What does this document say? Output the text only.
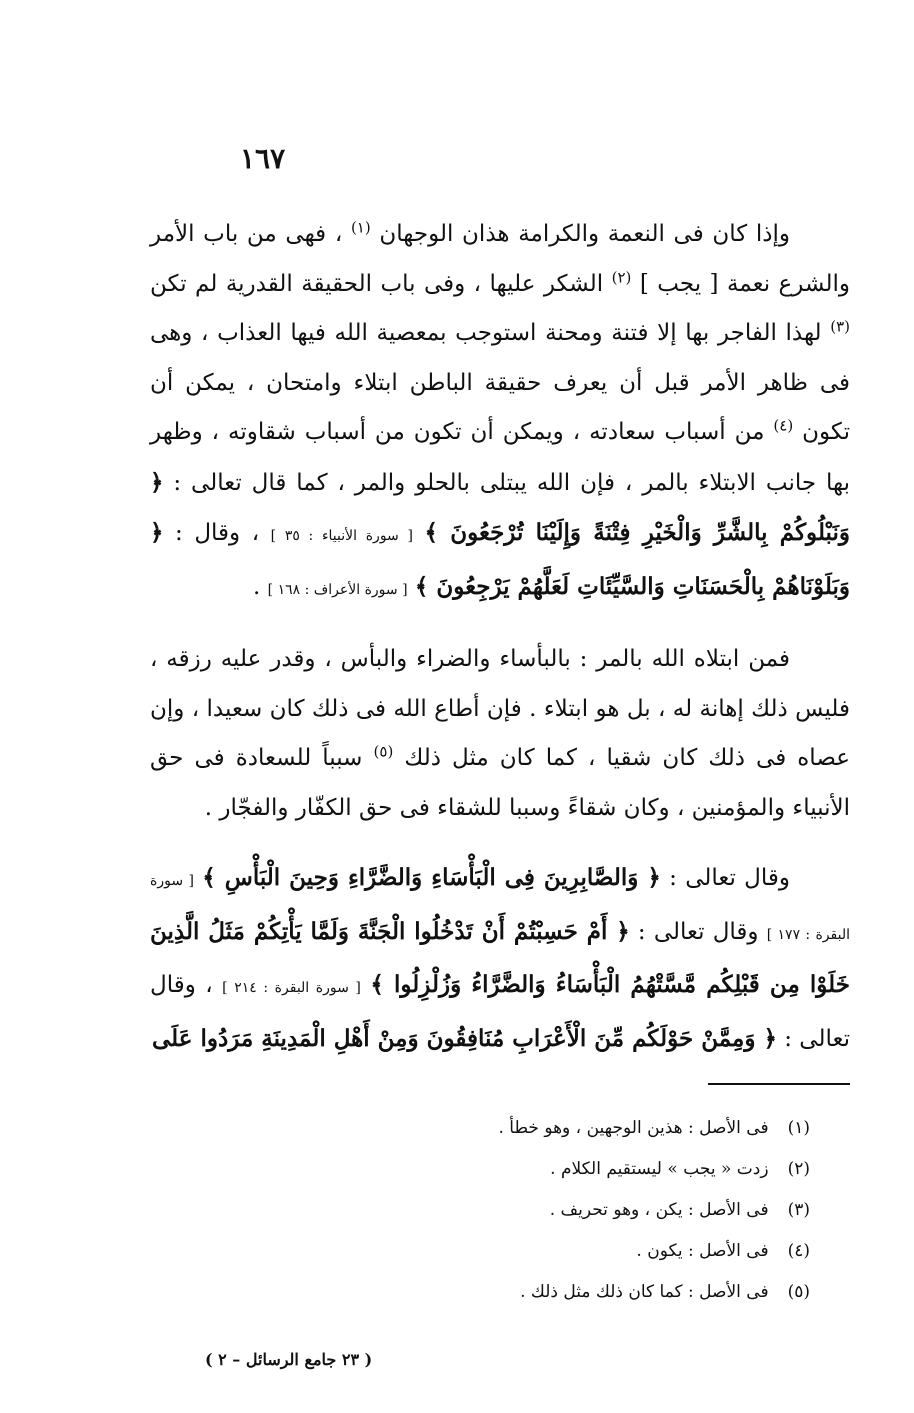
١٦٧

وإذا كان فى النعمة والكرامة هذان الوجهان $^{(١)}$ ، فهى من باب الأمر والشرع نعمة [ يجب ] $^{(٢)}$ الشكر عليها ، وفى باب الحقيقة القدرية لم تكن $^{(٣)}$ لهذا الفاجر بها إلا فتنة ومحنة استوجب بمعصية الله فيها العذاب ، وهى فى ظاهر الأمر قبل أن يعرف حقيقة الباطن ابتلاء وامتحان ، يمكن أن تكون $^{(٤)}$ من أسباب سعادته ، ويمكن أن تكون من أسباب شقاوته ، وظهر بها جانب الابتلاء بالمر ، فإن الله يبتلى بالحلو والمر ، كما قال تعالى : ﴿ وَنَبْلُوكُمْ بِالشَّرِّ وَالْخَيْرِ فِتْنَةً وَإِلَيْنَا تُرْجَعُونَ ﴾ [ سورة الأنبياء : ٣٥ ] ، وقال : ﴿ وَبَلَوْنَاهُمْ بِالْحَسَنَاتِ وَالسَّيِّئَاتِ لَعَلَّهُمْ يَرْجِعُونَ ﴾ [ سورة الأعراف : ١٦٨ ] .

فمن ابتلاه الله بالمر : بالبأساء والضراء والبأس ، وقدر عليه رزقه ، فليس ذلك إهانة له ، بل هو ابتلاء . فإن أطاع الله فى ذلك كان سعيدا ، وإن عصاه فى ذلك كان شقيا ، كما كان مثل ذلك $^{(٥)}$ سبباً للسعادة فى حق الأنبياء والمؤمنين ، وكان شقاءً وسببا للشقاء فى حق الكفّار والفجّار .

وقال تعالى : ﴿ وَالصَّابِرِينَ فِى الْبَأْسَاءِ وَالضَّرَّاءِ وَحِينَ الْبَأْسِ ﴾ [ سورة البقرة : ١٧٧ ] وقال تعالى : ﴿ أَمْ حَسِبْتُمْ أَنْ تَدْخُلُوا الْجَنَّةَ وَلَمَّا يَأْتِكُمْ مَثَلُ الَّذِينَ خَلَوْا مِن قَبْلِكُم مَّسَّتْهُمُ الْبَأْسَاءُ وَالضَّرَّاءُ وَزُلْزِلُوا ﴾ [ سورة البقرة : ٢١٤ ] ، وقال تعالى : ﴿ وَمِمَّنْ حَوْلَكُم مِّنَ الْأَعْرَابِ مُنَافِقُونَ وَمِنْ أَهْلِ الْمَدِينَةِ مَرَدُوا عَلَى

(١) فى الأصل : هذين الوجهين ، وهو خطأ .
(٢) زدت « يجب » ليستقيم الكلام .
(٣) فى الأصل : يكن ، وهو تحريف .
(٤) فى الأصل : يكون .
(٥) فى الأصل : كما كان ذلك مثل ذلك .
( ٢٣ جامع الرسائل – ٢ )
